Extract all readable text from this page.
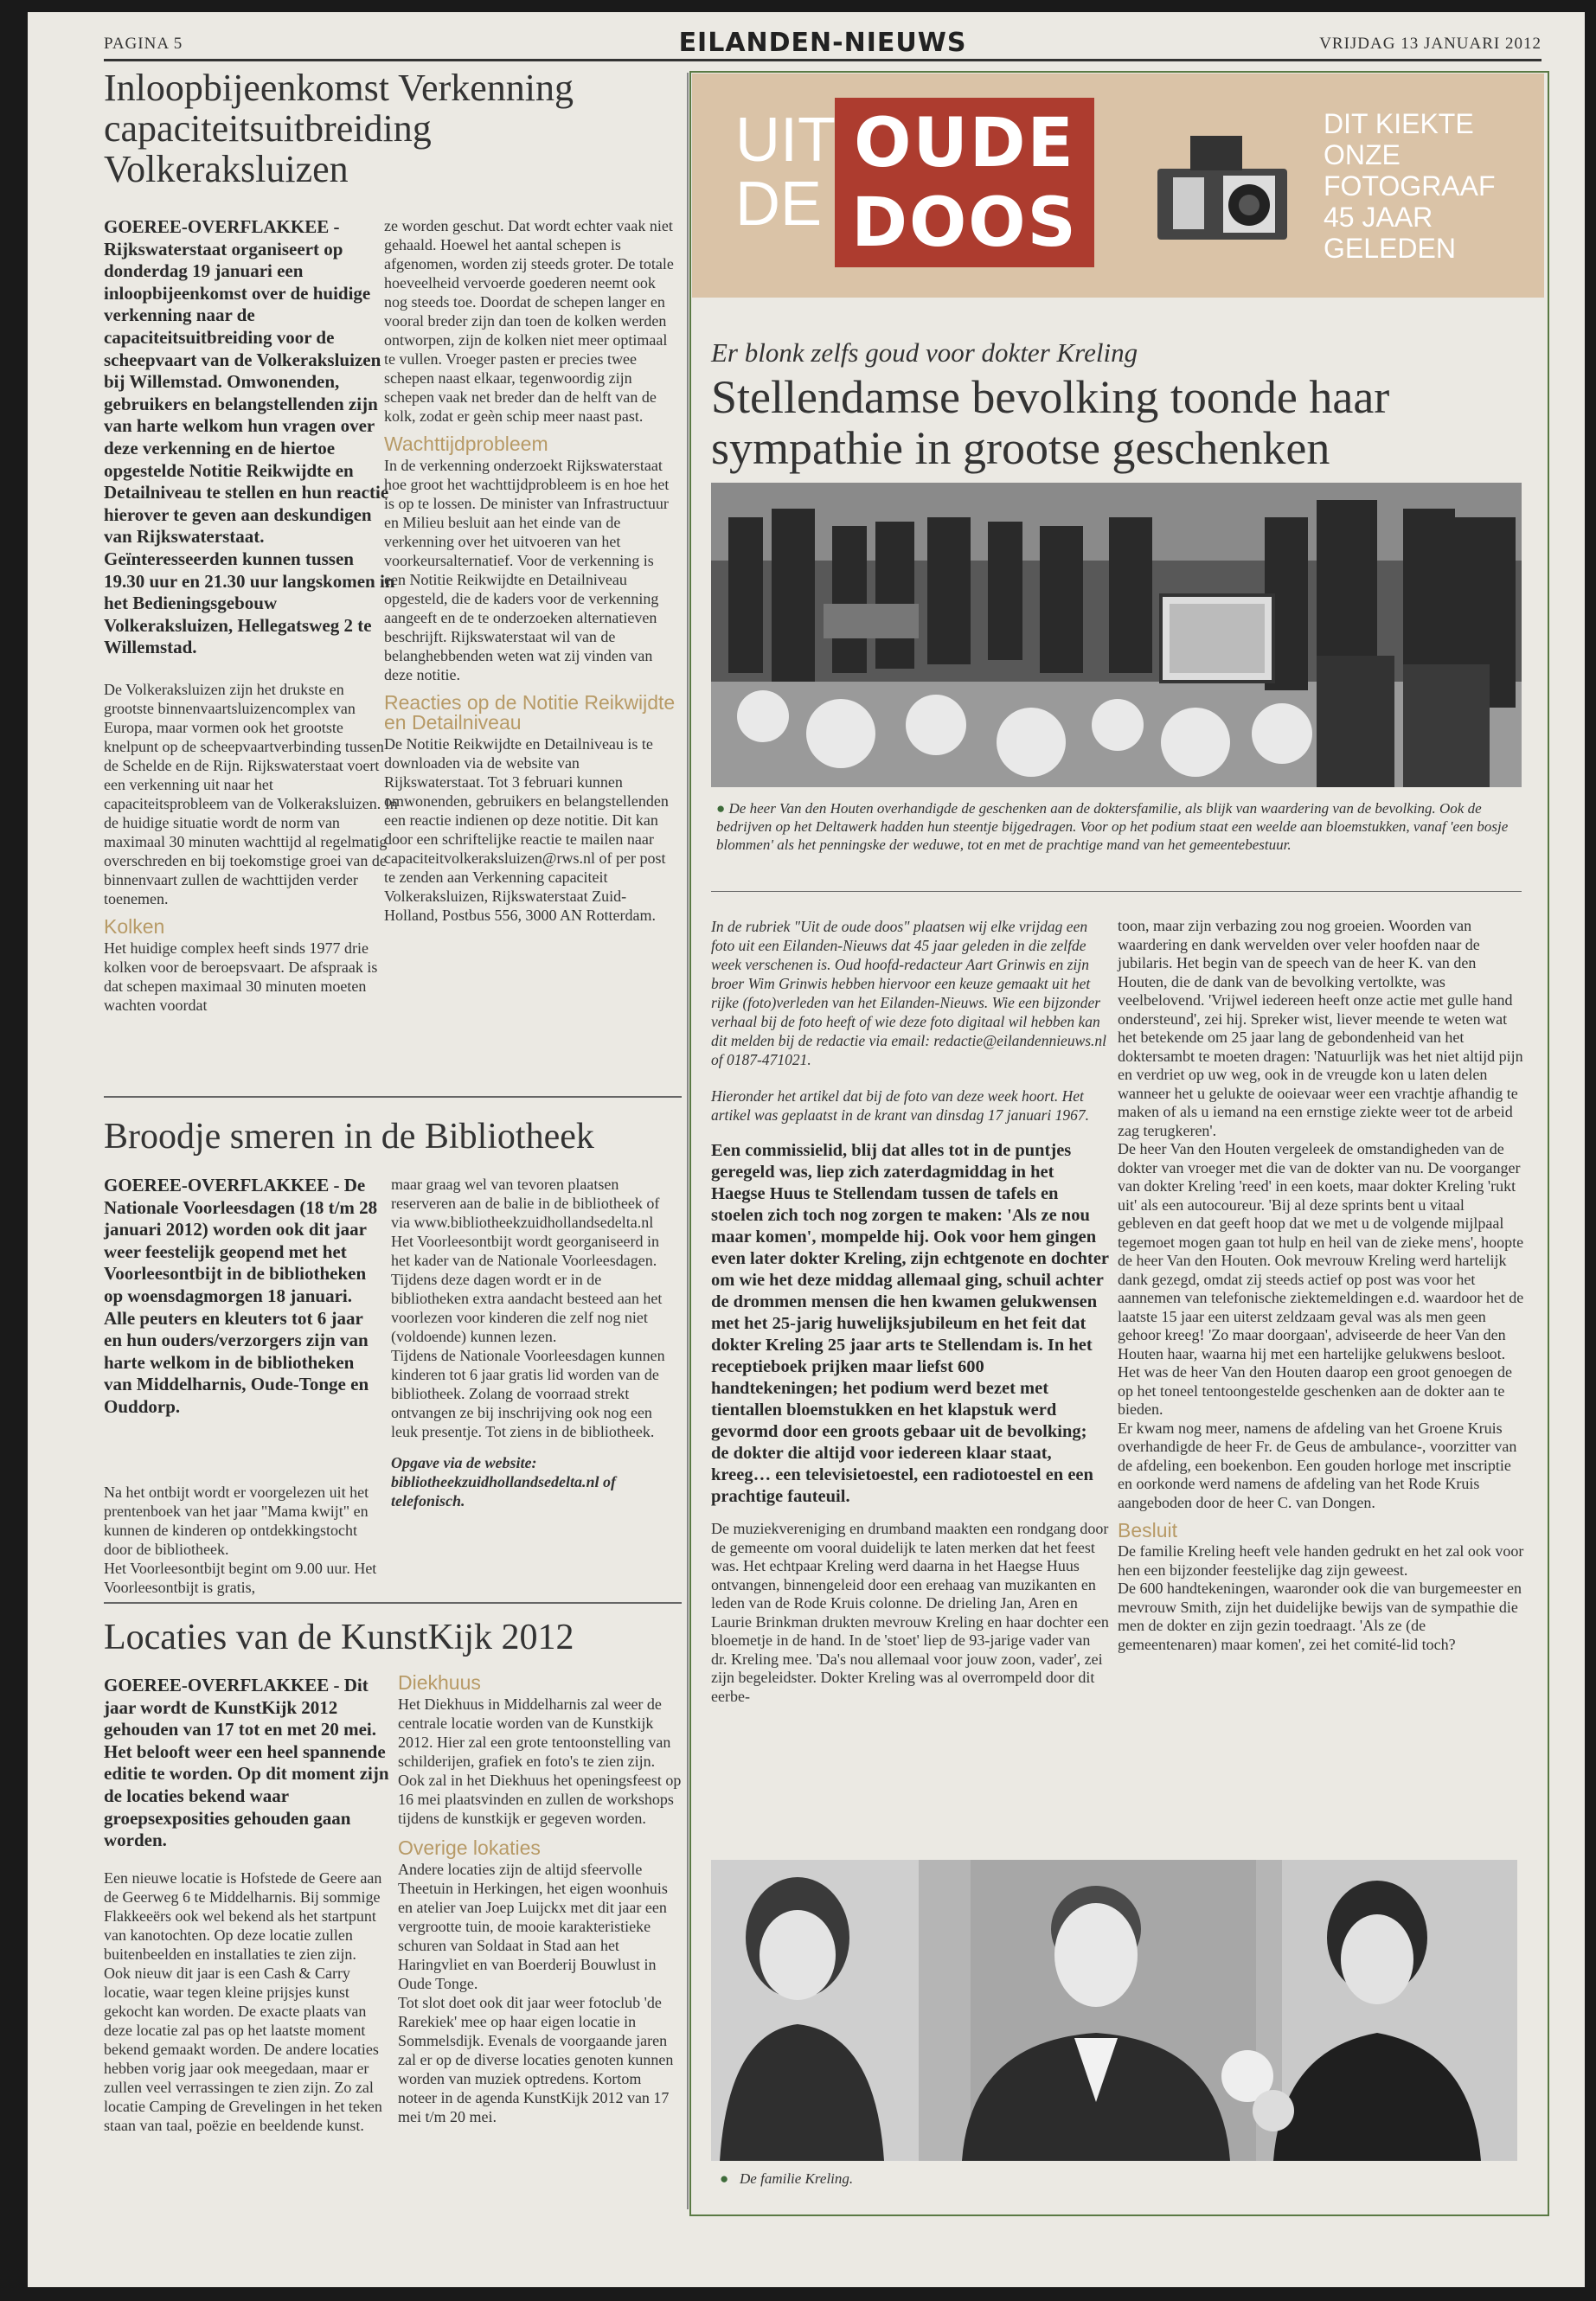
PAGINA 5	EILANDEN-NIEUWS	VRIJDAG 13 JANUARI 2012
Inloopbijeenkomst Verkenning capaciteitsuitbreiding Volkeraksluizen
GOEREE-OVERFLAKKEE - Rijkswaterstaat organiseert op donderdag 19 januari een inloopbijeenkomst over de huidige verkenning naar de capaciteitsuitbreiding voor de scheepvaart van de Volkeraksluizen bij Willemstad. Omwonenden, gebruikers en belangstellenden zijn van harte welkom hun vragen over deze verkenning en de hiertoe opgestelde Notitie Reikwijdte en Detailniveau te stellen en hun reactie hierover te geven aan deskundigen van Rijkswaterstaat. Geïnteresseerden kunnen tussen 19.30 uur en 21.30 uur langskomen in het Bedieningsgebouw Volkeraksluizen, Hellegatsweg 2 te Willemstad.

De Volkeraksluizen zijn het drukste en grootste binnenvaartsluizencomplex van Europa, maar vormen ook het grootste knelpunt op de scheepvaartverbinding tussen de Schelde en de Rijn. Rijkswaterstaat voert een verkenning uit naar het capaciteitsprobleem van de Volkeraksluizen. In de huidige situatie wordt de norm van maximaal 30 minuten wachttijd al regelmatig overschreden en bij toekomstige groei van de binnenvaart zullen de wachttijden verder toenemen.

Kolken

Het huidige complex heeft sinds 1977 drie kolken voor de beroepsvaart. De afspraak is dat schepen maximaal 30 minuten moeten wachten voordat

ze worden geschut. Dat wordt echter vaak niet gehaald. Hoewel het aantal schepen is afgenomen, worden zij steeds groter. De totale hoeveelheid vervoerde goederen neemt ook nog steeds toe. Doordat de schepen langer en vooral breder zijn dan toen de kolken werden ontworpen, zijn de kolken niet meer optimaal te vullen. Vroeger pasten er precies twee schepen naast elkaar, tegenwoordig zijn schepen vaak net breder dan de helft van de kolk, zodat er geèn schip meer naast past.

Wachttijdprobleem

In de verkenning onderzoekt Rijkswaterstaat hoe groot het wachttijdprobleem is en hoe het is op te lossen. De minister van Infrastructuur en Milieu besluit aan het einde van de verkenning over het uitvoeren van het voorkeursalternatief. Voor de verkenning is een Notitie Reikwijdte en Detailniveau opgesteld, die de kaders voor de verkenning aangeeft en de te onderzoeken alternatieven beschrijft. Rijkswaterstaat wil van de belanghebbenden weten wat zij vinden van deze notitie.

Reacties op de Notitie Reikwijdte en Detailniveau

De Notitie Reikwijdte en Detailniveau is te downloaden via de website van Rijkswaterstaat. Tot 3 februari kunnen omwonenden, gebruikers en belangstellenden een reactie indienen op deze notitie. Dit kan door een schriftelijke reactie te mailen naar capaciteitvolkeraksluizen@rws.nl of per post te zenden aan Verkenning capaciteit Volkeraksluizen, Rijkswaterstaat Zuid-Holland, Postbus 556, 3000 AN Rotterdam.

Broodje smeren in de Bibliotheek
GOEREE-OVERFLAKKEE - De Nationale Voorleesdagen (18 t/m 28 januari 2012) worden ook dit jaar weer feestelijk geopend met het Voorleesontbijt in de bibliotheken op woensdagmorgen 18 januari. Alle peuters en kleuters tot 6 jaar en hun ouders/verzorgers zijn van harte welkom in de bibliotheken van Middelharnis, Oude-Tonge en Ouddorp.

Na het ontbijt wordt er voorgelezen uit het prentenboek van het jaar "Mama kwijt" en kunnen de kinderen op ontdekkingstocht door de bibliotheek.

Het Voorleesontbijt begint om 9.00 uur. Het Voorleesontbijt is gratis,

maar graag wel van tevoren plaatsen reserveren aan de balie in de bibliotheek of via www.bibliotheekzuidhollandsedelta.nl

Het Voorleesontbijt wordt georganiseerd in het kader van de Nationale Voorleesdagen. Tijdens deze dagen wordt er in de bibliotheken extra aandacht besteed aan het voorlezen voor kinderen die zelf nog niet (voldoende) kunnen lezen.

Tijdens de Nationale Voorleesdagen kunnen kinderen tot 6 jaar gratis lid worden van de bibliotheek. Zolang de voorraad strekt ontvangen ze bij inschrijving ook nog een leuk presentje. Tot ziens in de bibliotheek.

Opgave via de website: bibliotheekzuidhollandsedelta.nl of telefonisch.

Locaties van de KunstKijk 2012
GOEREE-OVERFLAKKEE - Dit jaar wordt de KunstKijk 2012 gehouden van 17 tot en met 20 mei. Het belooft weer een heel spannende editie te worden. Op dit moment zijn de locaties bekend waar groepsexposities gehouden gaan worden.

Een nieuwe locatie is Hofstede de Geere aan de Geerweg 6 te Middelharnis. Bij sommige Flakkeeërs ook wel bekend als het startpunt van kanotochten. Op deze locatie zullen buitenbeelden en installaties te zien zijn.

Ook nieuw dit jaar is een Cash & Carry locatie, waar tegen kleine prijsjes kunst gekocht kan worden. De exacte plaats van deze locatie zal pas op het laatste moment bekend gemaakt worden. De andere locaties hebben vorig jaar ook meegedaan, maar er zullen veel verrassingen te zien zijn. Zo zal locatie Camping de Grevelingen in het teken staan van taal, poëzie en beeldende kunst.

Diekhuus

Het Diekhuus in Middelharnis zal weer de centrale locatie worden van de Kunstkijk 2012. Hier zal een grote tentoonstelling van schilderijen, grafiek en foto's te zien zijn. Ook zal in het Diekhuus het openingsfeest op 16 mei plaatsvinden en zullen de workshops tijdens de kunstkijk er gegeven worden.

Overige lokaties

Andere locaties zijn de altijd sfeervolle Theetuin in Herkingen, het eigen woonhuis en atelier van Joep Luijckx met dit jaar een vergrootte tuin, de mooie karakteristieke schuren van Soldaat in Stad aan het Haringvliet en van Boerderij Bouwlust in Oude Tonge.

Tot slot doet ook dit jaar weer fotoclub 'de Rarekiek' mee op haar eigen locatie in Sommelsdijk. Evenals de voorgaande jaren zal er op de diverse locaties genoten kunnen worden van muziek optredens. Kortom noteer in de agenda KunstKijk 2012 van 17 mei t/m 20 mei.

UIT DE
OUDE
DOOS
DIT KIEKTE ONZE FOTOGRAAF 45 JAAR GELEDEN
Er blonk zelfs goud voor dokter Kreling
Stellendamse bevolking toonde haar sympathie in grootse geschenken

● De heer Van den Houten overhandigde de geschenken aan de doktersfamilie, als blijk van waardering van de bevolking. Ook de bedrijven op het Deltawerk hadden hun steentje bijgedragen. Voor op het podium staat een weelde aan bloemstukken, vanaf 'een bosje blommen' als het penningske der weduwe, tot en met de prachtige mand van het gemeentebestuur.

In de rubriek "Uit de oude doos" plaatsen wij elke vrijdag een foto uit een Eilanden-Nieuws dat 45 jaar geleden in die zelfde week verschenen is. Oud hoofd-redacteur Aart Grinwis en zijn broer Wim Grinwis hebben hiervoor een keuze gemaakt uit het rijke (foto)verleden van het Eilanden-Nieuws. Wie een bijzonder verhaal bij de foto heeft of wie deze foto digitaal wil hebben kan dit melden bij de redactie via email: redactie@eilandennieuws.nl of 0187-471021.

Hieronder het artikel dat bij de foto van deze week hoort. Het artikel was geplaatst in de krant van dinsdag 17 januari 1967.

Een commissielid, blij dat alles tot in de puntjes geregeld was, liep zich zaterdagmiddag in het Haegse Huus te Stellendam tussen de tafels en stoelen zich toch nog zorgen te maken: 'Als ze nou maar komen', mompelde hij. Ook voor hem gingen even later dokter Kreling, zijn echtgenote en dochter om wie het deze middag allemaal ging, schuil achter de drommen mensen die hen kwamen gelukwensen met het 25-jarig huwelijksjubileum en het feit dat dokter Kreling 25 jaar arts te Stellendam is. In het receptieboek prijken maar liefst 600 handtekeningen; het podium werd bezet met tientallen bloemstukken en het klapstuk werd gevormd door een groots gebaar uit de bevolking; de dokter die altijd voor iedereen klaar staat, kreeg… een televisietoestel, een radiotoestel en een prachtige fauteuil.

De muziekvereniging en drumband maakten een rondgang door de gemeente om vooral duidelijk te laten merken dat het feest was. Het echtpaar Kreling werd daarna in het Haegse Huus ontvangen, binnengeleid door een erehaag van muzikanten en leden van de Rode Kruis colonne. De drieling Jan, Aren en Laurie Brinkman drukten mevrouw Kreling en haar dochter een bloemetje in de hand. In de 'stoet' liep de 93-jarige vader van dr. Kreling mee. 'Da's nou allemaal voor jouw zoon, vader', zei zijn begeleidster. Dokter Kreling was al overrompeld door dit eerbe-

toon, maar zijn verbazing zou nog groeien. Woorden van waardering en dank wervelden over veler hoofden naar de jubilaris. Het begin van de speech van de heer K. van den Houten, die de dank van de bevolking vertolkte, was veelbelovend. 'Vrijwel iedereen heeft onze actie met gulle hand ondersteund', zei hij. Spreker wist, liever meende te weten wat het betekende om 25 jaar lang de gebondenheid van het doktersambt te moeten dragen: 'Natuurlijk was het niet altijd pijn en verdriet op uw weg, ook in de vreugde kon u laten delen wanneer het u gelukte de ooievaar weer een vrachtje afhandig te maken of als u iemand na een ernstige ziekte weer tot de arbeid zag terugkeren'.

De heer Van den Houten vergeleek de omstandigheden van de dokter van vroeger met die van de dokter van nu. De voorganger van dokter Kreling 'reed' in een koets, maar dokter Kreling 'rukt uit' als een autocoureur. 'Bij al deze sprints bent u vitaal gebleven en dat geeft hoop dat we met u de volgende mijlpaal tegemoet mogen gaan tot hulp en heil van de zieke mens', hoopte de heer Van den Houten. Ook mevrouw Kreling werd hartelijk dank gezegd, omdat zij steeds actief op post was voor het aannemen van telefonische ziektemeldingen e.d. waardoor het de laatste 15 jaar een uiterst zeldzaam geval was als men geen gehoor kreeg! 'Zo maar doorgaan', adviseerde de heer Van den Houten haar, waarna hij met een hartelijke gelukwens besloot. Het was de heer Van den Houten daarop een groot genoegen de op het toneel tentoongestelde geschenken aan de dokter aan te bieden.

Er kwam nog meer, namens de afdeling van het Groene Kruis overhandigde de heer Fr. de Geus de ambulance-, voorzitter van de afdeling, een boekenbon. Een gouden horloge met inscriptie en oorkonde werd namens de afdeling van het Rode Kruis aangeboden door de heer C. van Dongen.

Besluit

De familie Kreling heeft vele handen gedrukt en het zal ook voor hen een bijzonder feestelijke dag zijn geweest.

De 600 handtekeningen, waaronder ook die van burgemeester en mevrouw Smith, zijn het duidelijke bewijs van de sympathie die men de dokter en zijn gezin toedraagt. 'Als ze (de gemeentenaren) maar komen', zei het comité-lid toch?

● De familie Kreling.
